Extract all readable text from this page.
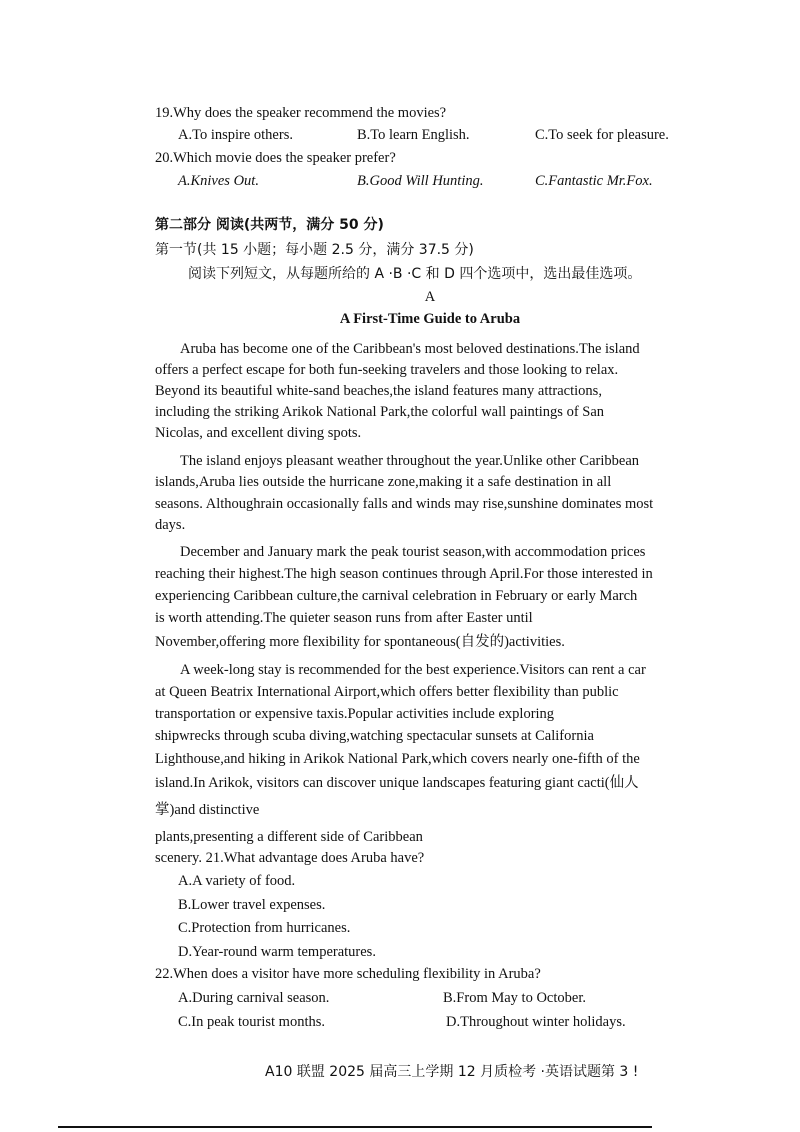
19.Why does the speaker recommend the movies?
A.To inspire others.	B.To learn English.	C.To seek for pleasure.
20.Which movie does the speaker prefer?
A.Knives Out.	B.Good Will Hunting.	C.Fantastic Mr.Fox.
第二部分 阅读(共两节，满分 50 分)
第一节(共 15 小题；每小题 2.5 分，满分 37.5 分)
阅读下列短文，从每题所给的 A ·B ·C 和 D 四个选项中，选出最佳选项。
A
A First-Time Guide to Aruba
Aruba has become one of the Caribbean's most beloved destinations.The island
offers a perfect escape for both fun-seeking travelers and those looking to relax.
Beyond its beautiful white-sand beaches,the island features many attractions,
including the striking Arikok National Park,the colorful wall paintings of San
Nicolas, and excellent diving spots.
The island enjoys pleasant weather throughout the year.Unlike other Caribbean
islands,Aruba lies outside the hurricane zone,making it a safe destination in all
seasons. Althoughrain occasionally falls and winds may rise,sunshine dominates most
days.
December and January mark the peak tourist season,with accommodation prices
reaching their highest.The high season continues through April.For those interested in
experiencing Caribbean culture,the carnival celebration in February or early March
is worth attending.The quieter season runs from after Easter until
November,offering more flexibility for spontaneous(自发的)activities.
A week-long stay is recommended for the best experience.Visitors can rent a car
at Queen Beatrix International Airport,which offers better flexibility than public
transportation or expensive taxis.Popular activities include exploring
shipwrecks through scuba diving,watching spectacular sunsets at California
Lighthouse,and hiking in Arikok National Park,which covers nearly one-fifth of the
island.In Arikok, visitors can discover unique landscapes featuring giant cacti(仙人
掌)and distinctive
plants,presenting a different side of Caribbean
scenery. 21.What advantage does Aruba have?
A.A variety of food.
B.Lower travel expenses.
C.Protection from hurricanes.
D.Year-round warm temperatures.
22.When does a visitor have more scheduling flexibility in Aruba?
A.During carnival season.	B.From May to October.
C.In peak tourist months.	D.Throughout winter holidays.
A10 联盟 2025 届高三上学期 12 月质检考 ·英语试题第 3 !
